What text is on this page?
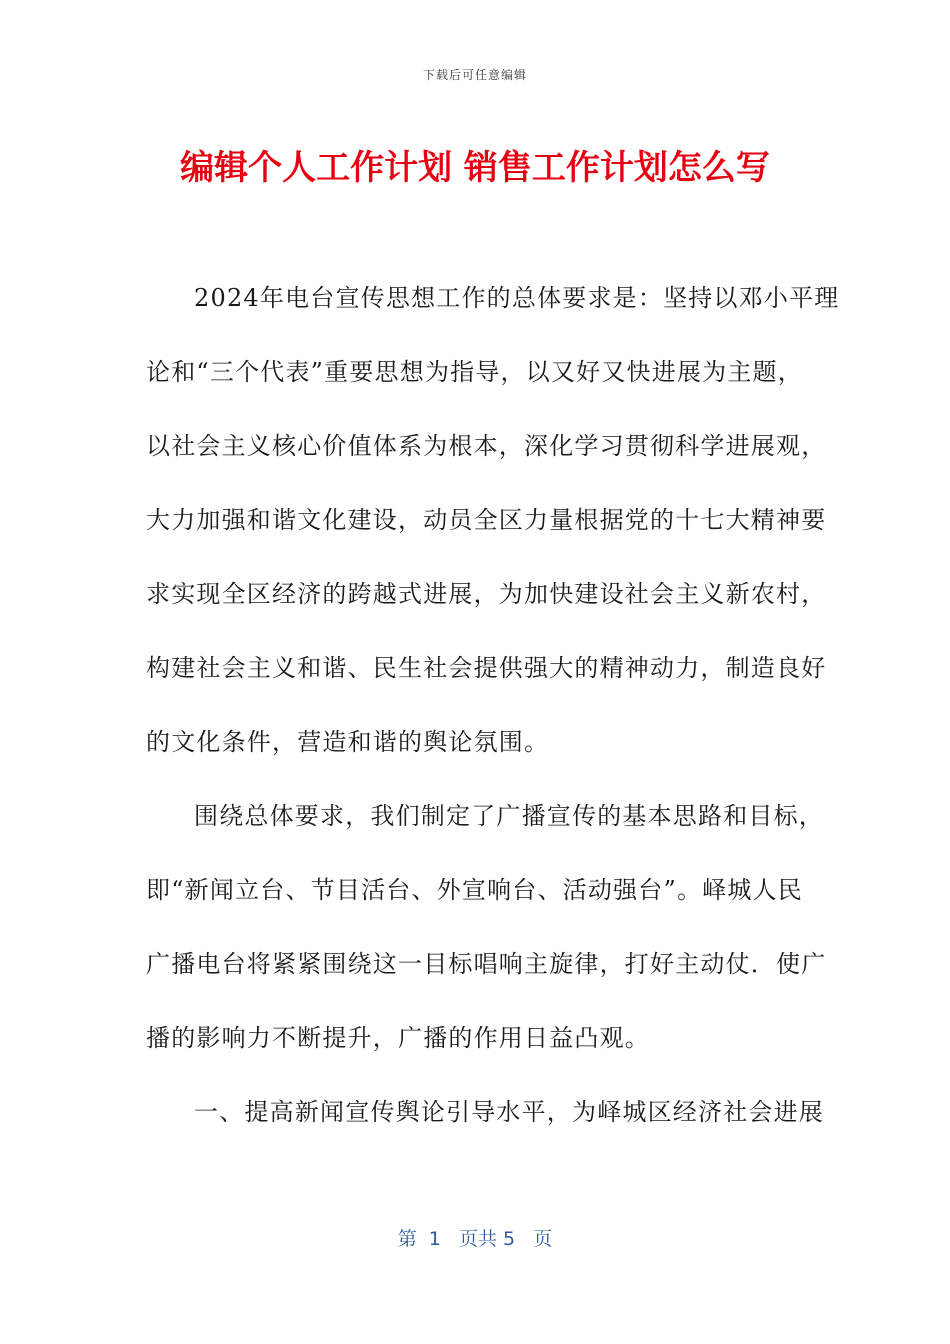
下载后可任意编辑
编辑个人工作计划 销售工作计划怎么写
2024年电台宣传思想工作的总体要求是：坚持以邓小平理
论和“三个代表”重要思想为指导，以又好又快进展为主题，
以社会主义核心价值体系为根本，深化学习贯彻科学进展观，
大力加强和谐文化建设，动员全区力量根据党的十七大精神要
求实现全区经济的跨越式进展，为加快建设社会主义新农村，
构建社会主义和谐、民生社会提供强大的精神动力，制造良好
的文化条件，营造和谐的舆论氛围。
围绕总体要求，我们制定了广播宣传的基本思路和目标，
即“新闻立台、节目活台、外宣响台、活动强台”。峄城人民
广播电台将紧紧围绕这一目标唱响主旋律，打好主动仗．使广
播的影响力不断提升，广播的作用日益凸观。
一、提高新闻宣传舆论引导水平，为峄城区经济社会进展
第  1   页共 5   页
